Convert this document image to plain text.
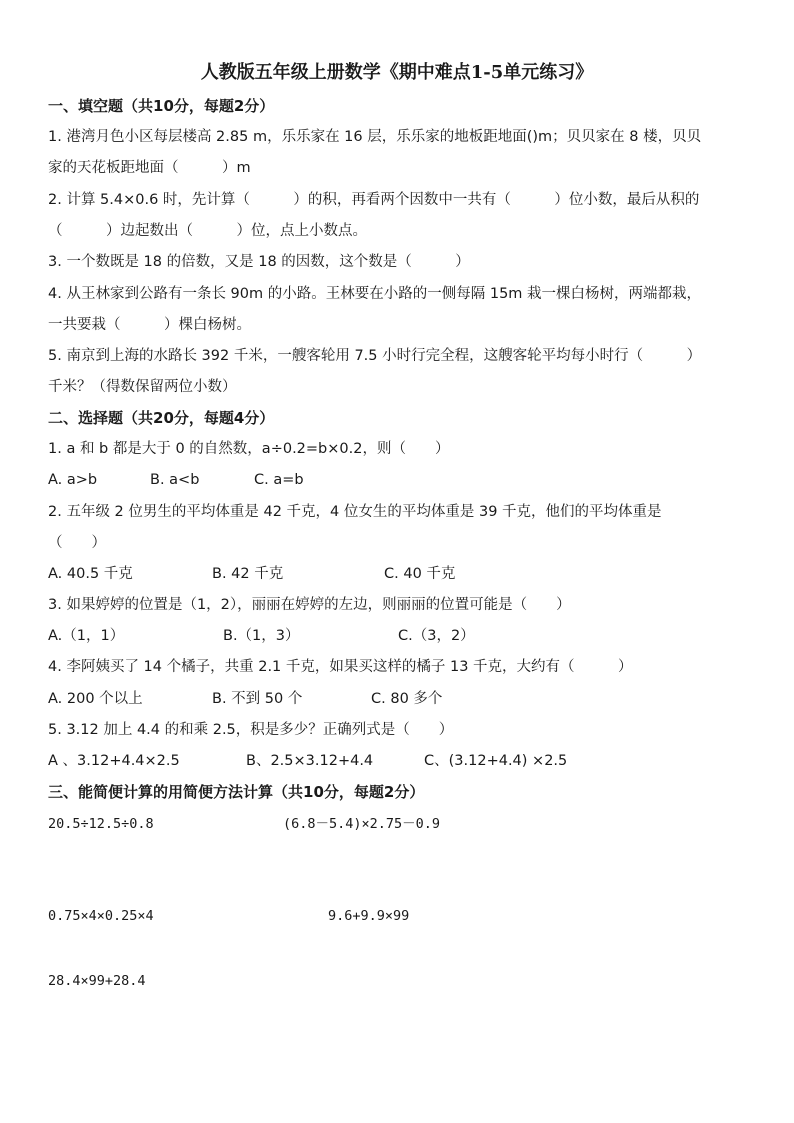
人教版五年级上册数学《期中难点1-5单元练习》
一、填空题（共10分，每题2分）
1. 港湾月色小区每层楼高 2.85 m，乐乐家在 16 层，乐乐家的地板距地面()m；贝贝家在 8 楼，贝贝
家的天花板距地面（　　　）m
2. 计算 5.4×0.6 时，先计算（　　　）的积，再看两个因数中一共有（　　　）位小数，最后从积的
（　　　）边起数出（　　　）位，点上小数点。
3. 一个数既是 18 的倍数，又是 18 的因数，这个数是（　　　）
4. 从王林家到公路有一条长 90m 的小路。王林要在小路的一侧每隔 15m 栽一棵白杨树，两端都栽，
一共要栽（　　　）棵白杨树。
5. 南京到上海的水路长 392 千米，一艘客轮用 7.5 小时行完全程，这艘客轮平均每小时行（　　　）
千米？（得数保留两位小数）
二、选择题（共20分，每题4分）
1. a 和 b 都是大于 0 的自然数，a÷0.2=b×0.2，则（　　）
A. a>b	B. a<b	C. a=b
2. 五年级 2 位男生的平均体重是 42 千克，4 位女生的平均体重是 39 千克，他们的平均体重是
（　　）
A. 40.5 千克	B. 42 千克	C. 40 千克
3. 如果婷婷的位置是（1，2），丽丽在婷婷的左边，则丽丽的位置可能是（　　）
A.（1，1）	B.（1，3）	C.（3，2）
4. 李阿姨买了 14 个橘子，共重 2.1 千克，如果买这样的橘子 13 千克，大约有（　　　）
A. 200 个以上	B. 不到 50 个	C. 80 多个
5. 3.12 加上 4.4 的和乘 2.5，积是多少？正确列式是（　　）
A 、3.12+4.4×2.5	B、2.5×3.12+4.4	C、(3.12+4.4) ×2.5
三、能简便计算的用简便方法计算（共10分，每题2分）
20.5÷12.5÷0.8	(6.8－5.4)×2.75－0.9
0.75×4×0.25×4	9.6+9.9×99
28.4×99+28.4
